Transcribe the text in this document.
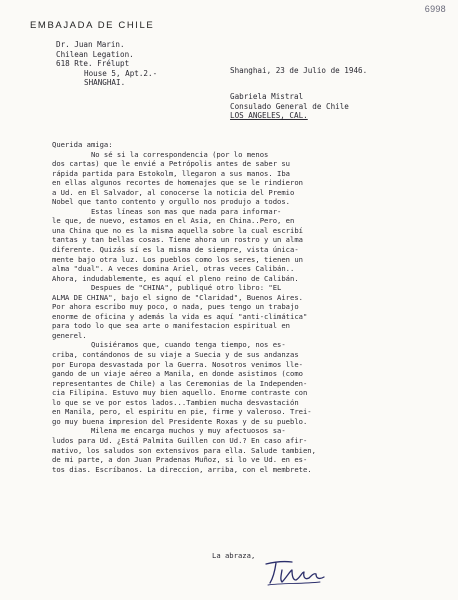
6998
EMBAJADA DE CHILE
Dr. Juan Marin.
Chilean Legation.
618 Rte. Frélupt
House 5, Apt.2.-
SHANGHAI.
Shanghai, 23 de Julio de 1946.
Gabriela Mistral
Consulado General de Chile
LOS ANGELES, CAL.
Querida amiga:
No sé si la correspondencia (por lo menos
dos cartas) que le envié a Petrópolis antes de saber su
rápida partida para Estokolm, llegaron a sus manos. Iba
en ellas algunos recortes de homenajes que se le rindieron
a Ud. en El Salvador, al conocerse la noticia del Premio
Nobel que tanto contento y orgullo nos produjo a todos.
Estas líneas son mas que nada para informar-
le que, de nuevo, estamos en el Asia, en China..Pero, en
una China que no es la misma aquella sobre la cual escribí
tantas y tan bellas cosas. Tiene ahora un rostro y un alma
diferente. Quizás sí es la misma de siempre, vista única-
mente bajo otra luz. Los pueblos como los seres, tienen un
alma "dual". A veces domina Ariel, otras veces Calibán..
Ahora, indudablemente, es aquí el pleno reino de Calibán.
Despues de "CHINA", publiqué otro libro: "EL
ALMA DE CHINA", bajo el signo de "Claridad", Buenos Aires.
Por ahora escribo muy poco, o nada, pues tengo un trabajo
enorme de oficina y además la vida es aquí "anti-climática"
para todo lo que sea arte o manifestacion espiritual en
generel.
Quisiéramos que, cuando tenga tiempo, nos es-
criba, contándonos de su viaje a Suecia y de sus andanzas
por Europa desvastada por la Guerra. Nosotros venimos lle-
gando de un viaje aéreo a Manila, en donde asistimos (como
representantes de Chile) a las Ceremonias de la Independen-
cia Filipina. Estuvo muy bien aquello. Enorme contraste con
lo que se ve por estos lados...Tambien mucha desvastación
en Manila, pero, el espiritu en pie, firme y valeroso. Trei-
go muy buena impresion del Presidente Roxas y de su pueblo.
Milena me encarga muchos y muy afectuosos sa-
ludos para Ud. ¿Está Palmita Guillen con Ud.? En caso afir-
mativo, los saludos son extensivos para ella. Salude tambien,
de mi parte, a don Juan Pradenas Muñoz, si lo ve Ud. en es-
tos dias. Escríbanos. La direccion, arriba, con el membrete.
La abraza,
